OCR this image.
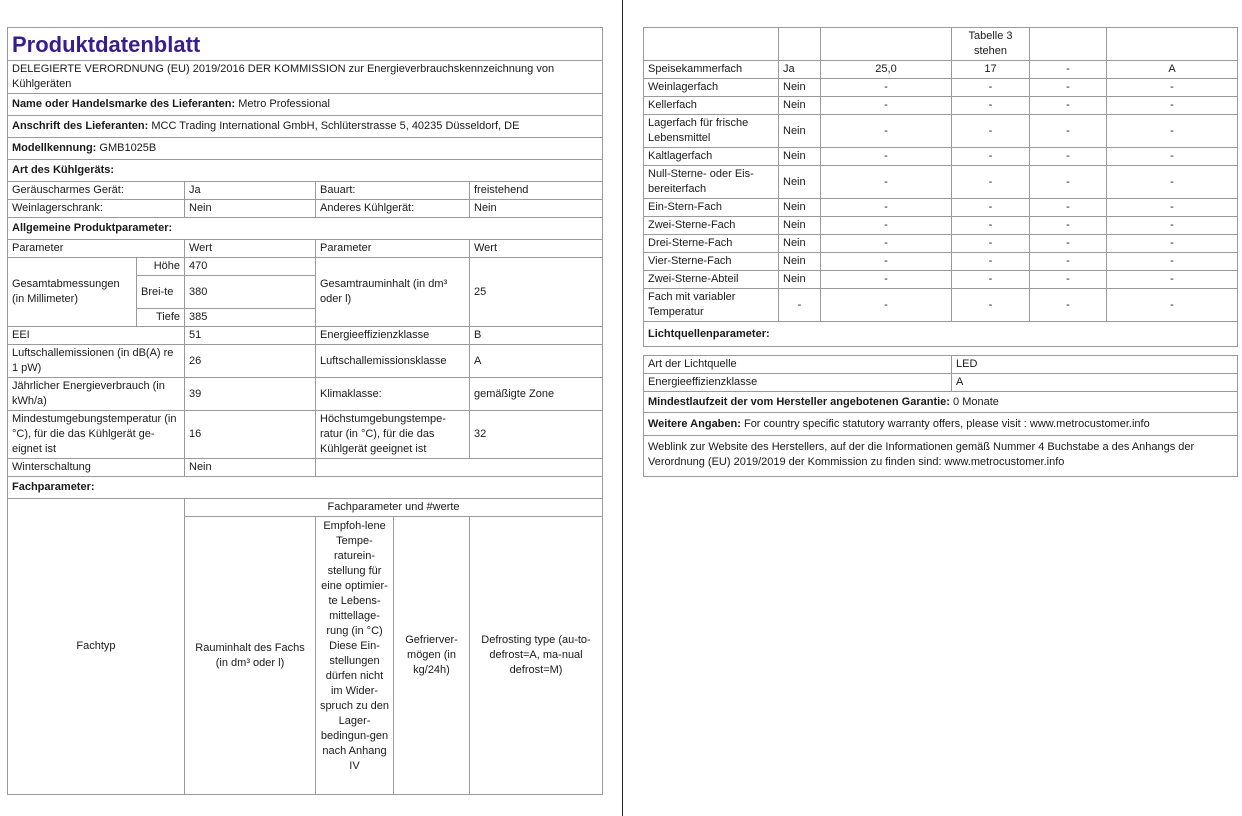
Produktdatenblatt				
DELEGIERTE VERORDNUNG (EU) 2019/2016 DER KOMMISSION zur Energieverbrauchskennzeichnung von Kühlgeräten				
Name oder Handelsmarke des Lieferanten: Metro Professional				
Anschrift des Lieferanten: MCC Trading International GmbH, Schlüterstrasse 5, 40235 Düsseldorf, DE				
Modellkennung: GMB1025B				
Art des Kühlgeräts:				
Geräuscharmes Gerät:		Ja	Bauart:	freistehend
Weinlagerschrank:		Nein	Anderes Kühlgerät:	Nein
Allgemeine Produktparameter:				
Parameter		Wert	Parameter	Wert
Gesamtabmessungen (in Millimeter)	Höhe	470	Gesamtrauminhalt (in dm³ oder l)	25
	Brei-te	380		
	Tiefe	385		
EEI		51	Energieeffizienzklasse	B
Luftschallemissionen (in dB(A) re 1 pW)		26	Luftschallemissionsklasse	A
Jährlicher Energieverbrauch (in kWh/a)		39	Klimaklasse:	gemäßigte Zone
Mindestumgebungstemperatur (in °C), für die das Kühlgerät ge-eignet ist		16	Höchstumgebungstempe-ratur (in °C), für die das Kühlgerät geeignet ist	32
Winterschaltung		Nein		
Fachparameter:				
Fachtyp	Fachparameter und #werte			
	Rauminhalt des Fachs (in dm³ oder l)	Empfoh-lene Tempe-raturein-stellung für eine optimier-te Lebens-mittellage-rung (in °C) Diese Ein-stellungen dürfen nicht im Wider-spruch zu den Lager-bedingun-gen nach Anhang IV	Gefrierver-mögen (in kg/24h)	Defrosting type (au-to-defrost=A, ma-nual defrost=M)
			Tabelle 3 stehen		
Speisekammerfach	Ja	25,0	17	-	A
Weinlagerfach	Nein	-	-	-	-
Kellerfach	Nein	-	-	-	-
Lagerfach für frische Lebensmittel	Nein	-	-	-	-
Kaltlagerfach	Nein	-	-	-	-
Null-Sterne- oder Eis-bereiterfach	Nein	-	-	-	-
Ein-Stern-Fach	Nein	-	-	-	-
Zwei-Sterne-Fach	Nein	-	-	-	-
Drei-Sterne-Fach	Nein	-	-	-	-
Vier-Sterne-Fach	Nein	-	-	-	-
Zwei-Sterne-Abteil	Nein	-	-	-	-
Fach mit variabler Temperatur	-	-	-	-	-
Lichtquellenparameter:					
Art der Lichtquelle	LED
Energieeffizienzklasse	A
Mindestlaufzeit der vom Hersteller angebotenen Garantie: 0 Monate	
Weitere Angaben: For country specific statutory warranty offers, please visit : www.metrocustomer.info	
Weblink zur Website des Herstellers, auf der die Informationen gemäß Nummer 4 Buchstabe a des Anhangs der Verordnung (EU) 2019/2019 der Kommission zu finden sind: www.metrocustomer.info	
